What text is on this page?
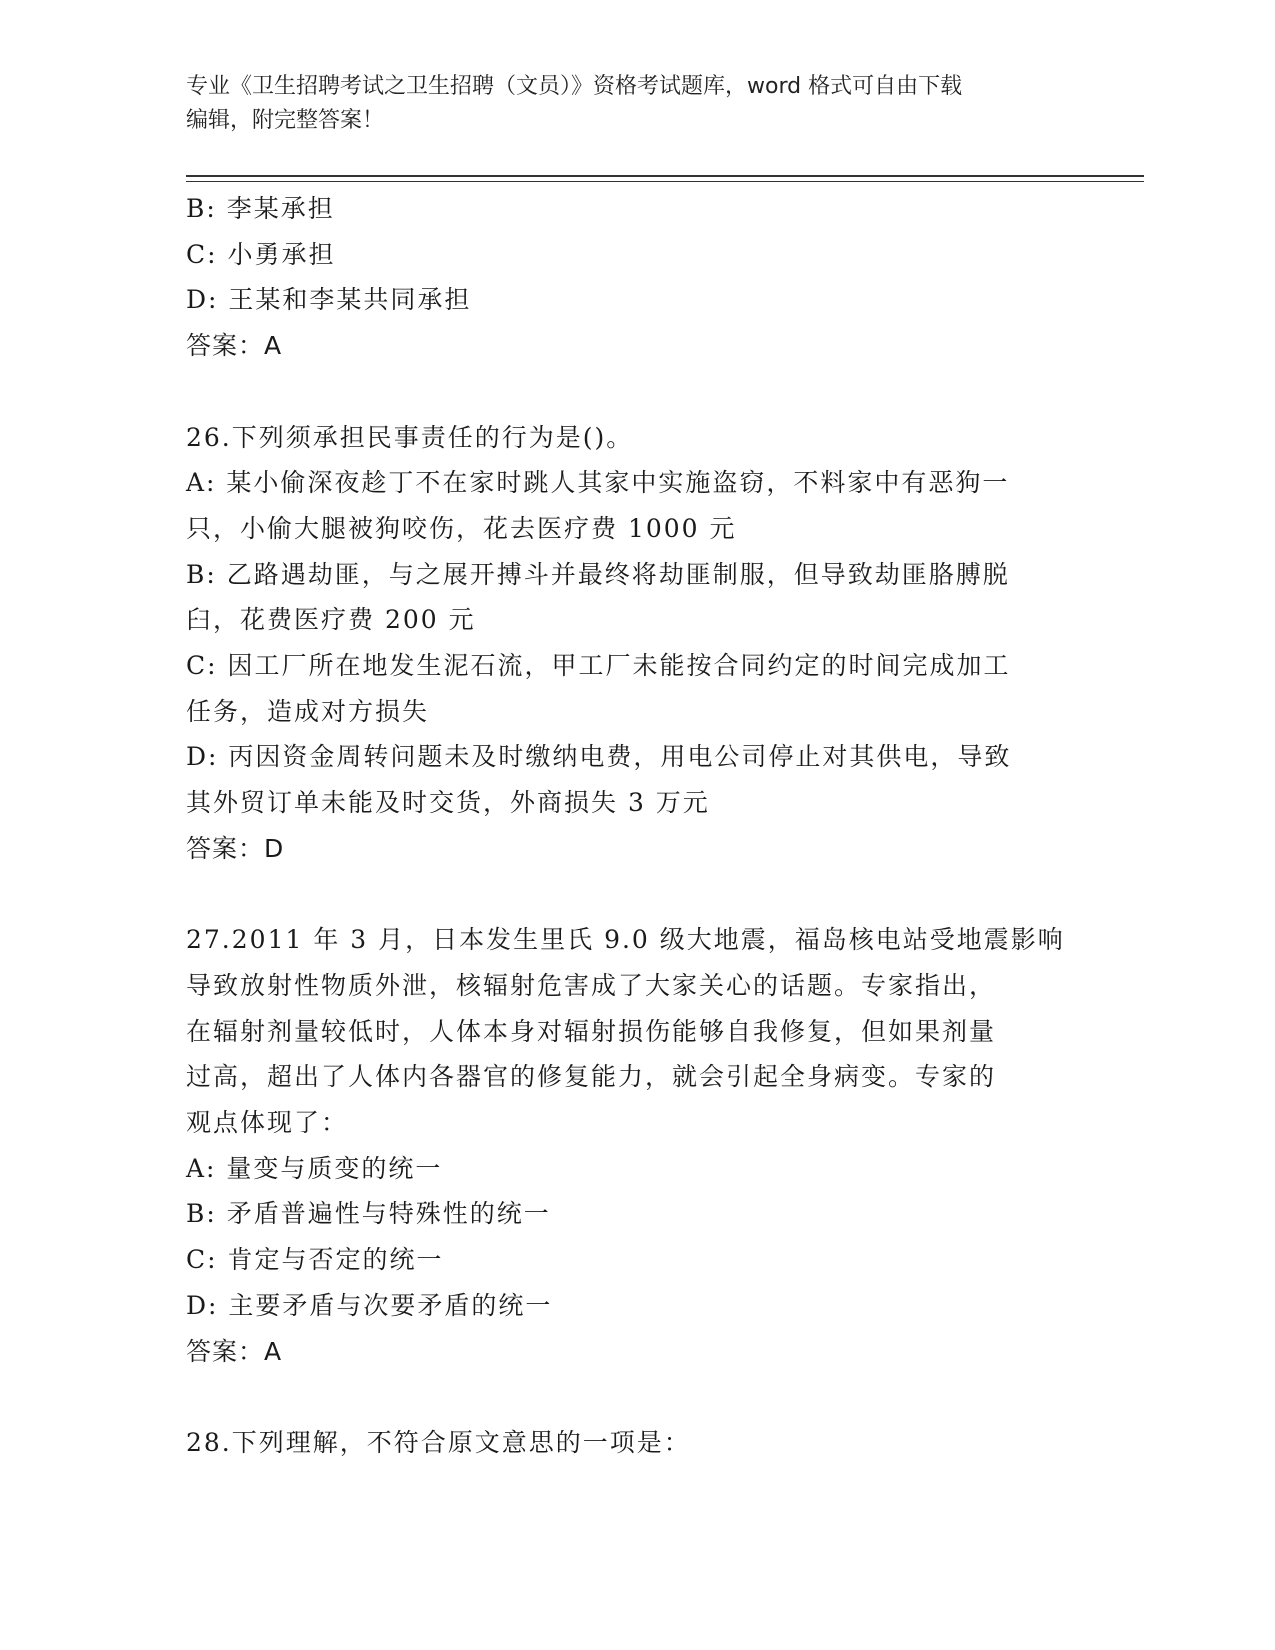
专业《卫生招聘考试之卫生招聘（文员）》资格考试题库，word 格式可自由下载
编辑，附完整答案！
B: 李某承担
C: 小勇承担
D: 王某和李某共同承担
答案：A
26.下列须承担民事责任的行为是()。
A: 某小偷深夜趁丁不在家时跳人其家中实施盗窃，不料家中有恶狗一
只，小偷大腿被狗咬伤，花去医疗费 1000 元
B: 乙路遇劫匪，与之展开搏斗并最终将劫匪制服，但导致劫匪胳膊脱
臼，花费医疗费 200 元
C: 因工厂所在地发生泥石流，甲工厂未能按合同约定的时间完成加工
任务，造成对方损失
D: 丙因资金周转问题未及时缴纳电费，用电公司停止对其供电，导致
其外贸订单未能及时交货，外商损失 3 万元
答案：D
27.2011 年 3 月，日本发生里氏 9.0 级大地震，福岛核电站受地震影响
导致放射性物质外泄，核辐射危害成了大家关心的话题。专家指出，
在辐射剂量较低时，人体本身对辐射损伤能够自我修复，但如果剂量
过高，超出了人体内各器官的修复能力，就会引起全身病变。专家的
观点体现了：
A: 量变与质变的统一
B: 矛盾普遍性与特殊性的统一
C: 肯定与否定的统一
D: 主要矛盾与次要矛盾的统一
答案：A
28.下列理解，不符合原文意思的一项是：
